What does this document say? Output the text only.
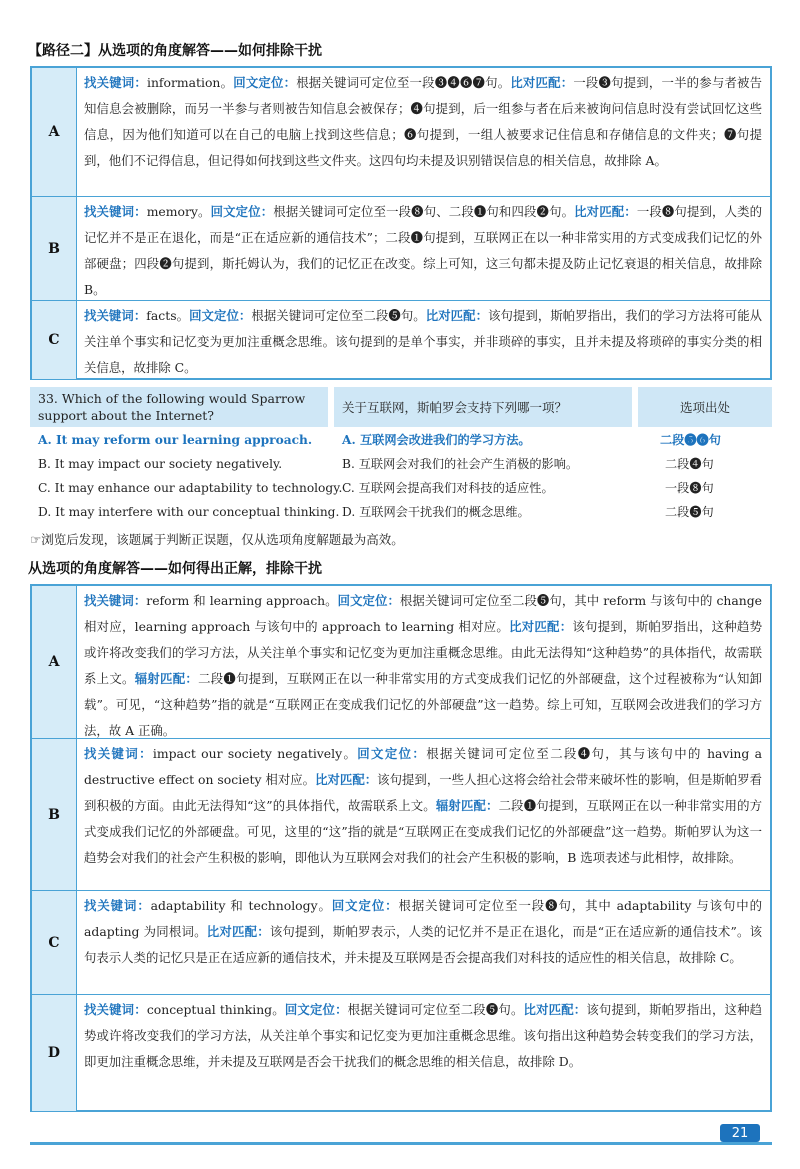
【路径二】从选项的角度解答——如何排除干扰
A
找关键词：information。回文定位：根据关键词可定位至一段❸❹❻❼句。比对匹配：一段❸句提到，一半的参与者被告知信息会被删除，而另一半参与者则被告知信息会被保存；❹句提到，后一组参与者在后来被询问信息时没有尝试回忆这些信息，因为他们知道可以在自己的电脑上找到这些信息；❻句提到，一组人被要求记住信息和存储信息的文件夹；❼句提到，他们不记得信息，但记得如何找到这些文件夹。这四句均未提及识别错误信息的相关信息，故排除 A。
B
找关键词：memory。回文定位：根据关键词可定位至一段❽句、二段❶句和四段❷句。比对匹配：一段❽句提到，人类的记忆并不是正在退化，而是“正在适应新的通信技术”；二段❶句提到，互联网正在以一种非常实用的方式变成我们记忆的外部硬盘；四段❷句提到，斯托姆认为，我们的记忆正在改变。综上可知，这三句都未提及防止记忆衰退的相关信息，故排除 B。
C
找关键词：facts。回文定位：根据关键词可定位至二段❺句。比对匹配：该句提到，斯帕罗指出，我们的学习方法将可能从关注单个事实和记忆变为更加注重概念思维。该句提到的是单个事实，并非琐碎的事实，且并未提及将琐碎的事实分类的相关信息，故排除 C。
33. Which of the following would Sparrow support about the Internet?
关于互联网，斯帕罗会支持下列哪一项？	选项出处
A. It may reform our learning approach. A. 互联网会改进我们的学习方法。	二段❺❻句
B. It may impact our society negatively.	B. 互联网会对我们的社会产生消极的影响。	二段❹句
C. It may enhance our adaptability to technology. C. 互联网会提高我们对科技的适应性。	一段❽句
D. It may interfere with our conceptual thinking. D. 互联网会干扰我们的概念思维。	二段❺句
☞浏览后发现，该题属于判断正误题，仅从选项角度解题最为高效。
从选项的角度解答——如何得出正解，排除干扰
A
找关键词：reform 和 learning approach。回文定位：根据关键词可定位至二段❺句，其中 reform 与该句中的 change 相对应，learning approach 与该句中的 approach to learning 相对应。比对匹配：该句提到，斯帕罗指出，这种趋势或许将改变我们的学习方法，从关注单个事实和记忆变为更加注重概念思维。由此无法得知“这种趋势”的具体指代，故需联系上文。辐射匹配：二段❶句提到，互联网正在以一种非常实用的方式变成我们记忆的外部硬盘，这个过程被称为“认知卸载”。可见，“这种趋势”指的就是“互联网正在变成我们记忆的外部硬盘”这一趋势。综上可知，互联网会改进我们的学习方法，故 A 正确。
B
找关键词：impact our society negatively。回文定位：根据关键词可定位至二段❹句，其与该句中的 having a destructive effect on society 相对应。比对匹配：该句提到，一些人担心这将会给社会带来破坏性的影响，但是斯帕罗看到积极的方面。由此无法得知“这”的具体指代，故需联系上文。辐射匹配：二段❶句提到，互联网正在以一种非常实用的方式变成我们记忆的外部硬盘。可见，这里的“这”指的就是“互联网正在变成我们记忆的外部硬盘”这一趋势。斯帕罗认为这一趋势会对我们的社会产生积极的影响，即他认为互联网会对我们的社会产生积极的影响，B 选项表述与此相悖，故排除。
C
找关键词：adaptability 和 technology。回文定位：根据关键词可定位至一段❽句，其中 adaptability 与该句中的 adapting 为同根词。比对匹配：该句提到，斯帕罗表示，人类的记忆并不是正在退化，而是“正在适应新的通信技术”。该句表示人类的记忆只是正在适应新的通信技术，并未提及互联网是否会提高我们对科技的适应性的相关信息，故排除 C。
D
找关键词：conceptual thinking。回文定位：根据关键词可定位至二段❺句。比对匹配：该句提到，斯帕罗指出，这种趋势或许将改变我们的学习方法，从关注单个事实和记忆变为更加注重概念思维。该句指出这种趋势会转变我们的学习方法，即更加注重概念思维，并未提及互联网是否会干扰我们的概念思维的相关信息，故排除 D。
21
